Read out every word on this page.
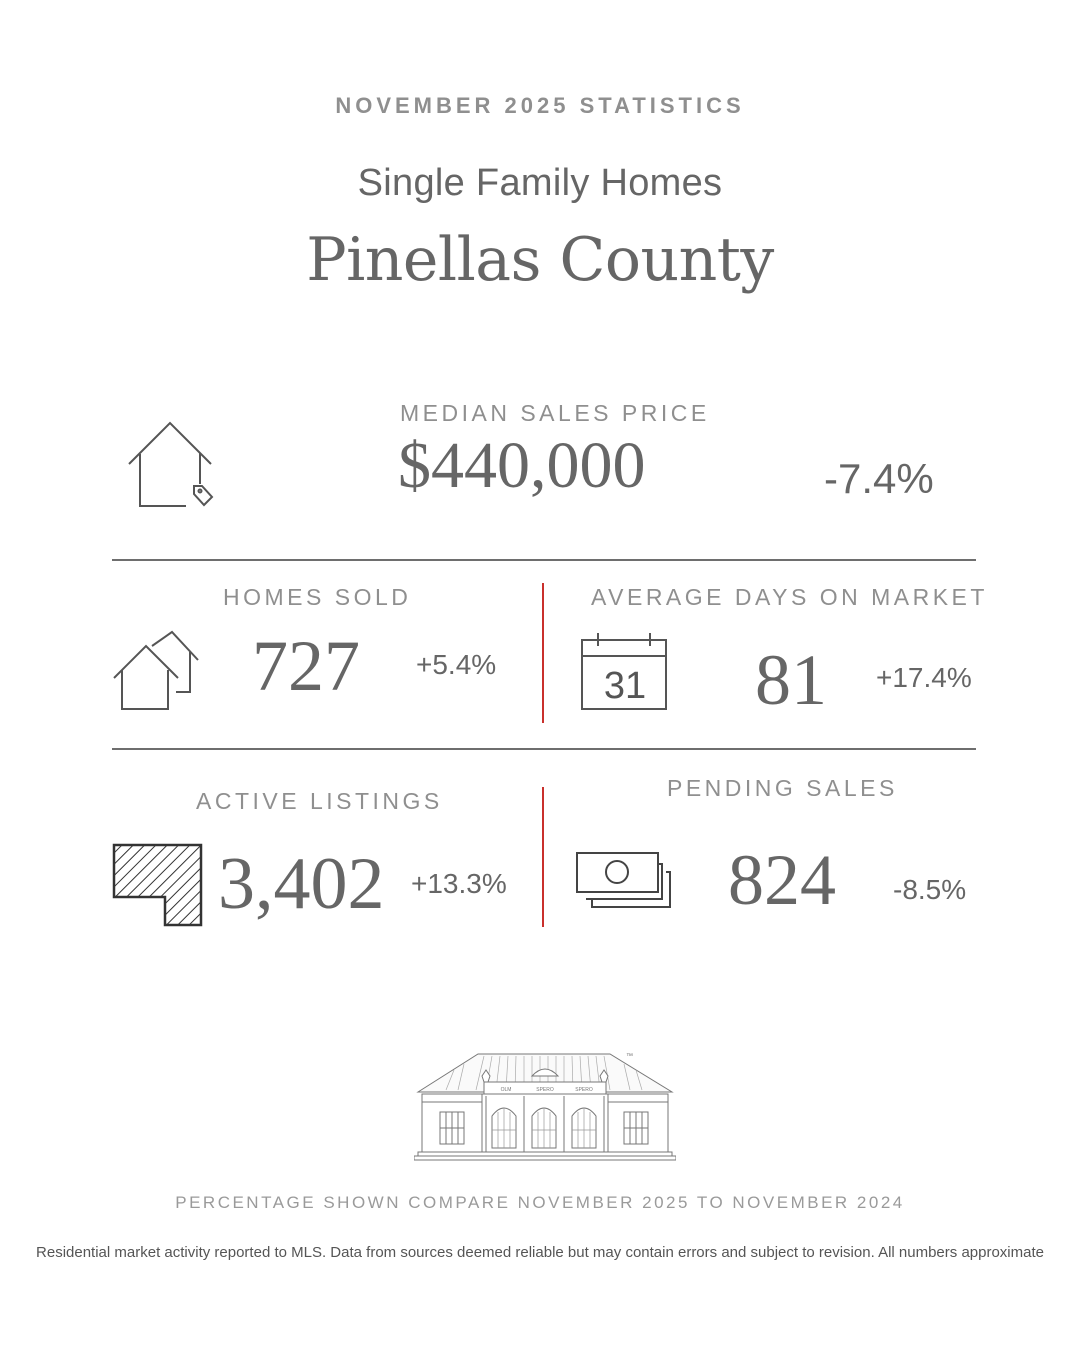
NOVEMBER 2025 STATISTICS
Single Family Homes
Pinellas County
MEDIAN SALES PRICE
$440,000	-7.4%
HOMES SOLD
727 +5.4%
AVERAGE DAYS ON MARKET
31 81 +17.4%
ACTIVE LISTINGS
3,402 +13.3%
PENDING SALES
824 -8.5%
OLM	SPERO	SPERO
™
PERCENTAGE SHOWN COMPARE NOVEMBER 2025 TO NOVEMBER 2024
Residential market activity reported to MLS. Data from sources deemed reliable but may contain errors and subject to revision. All numbers approximate
